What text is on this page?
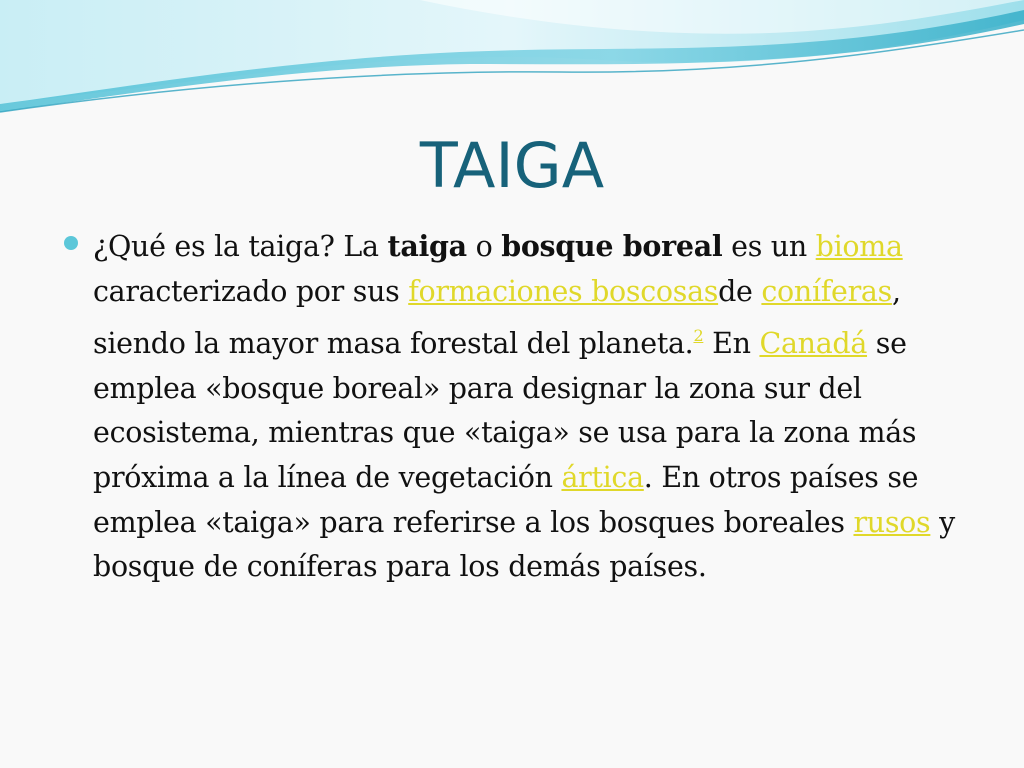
TAIGA
¿Qué es la taiga? La taiga o bosque boreal es un bioma caracterizado por sus formaciones boscosasde coníferas, siendo la mayor masa forestal del planeta.$^2$ En Canadá se emplea «bosque boreal» para designar la zona sur del ecosistema, mientras que «taiga» se usa para la zona más próxima a la línea de vegetación ártica. En otros países se emplea «taiga» para referirse a los bosques boreales rusos y bosque de coníferas para los demás países.
